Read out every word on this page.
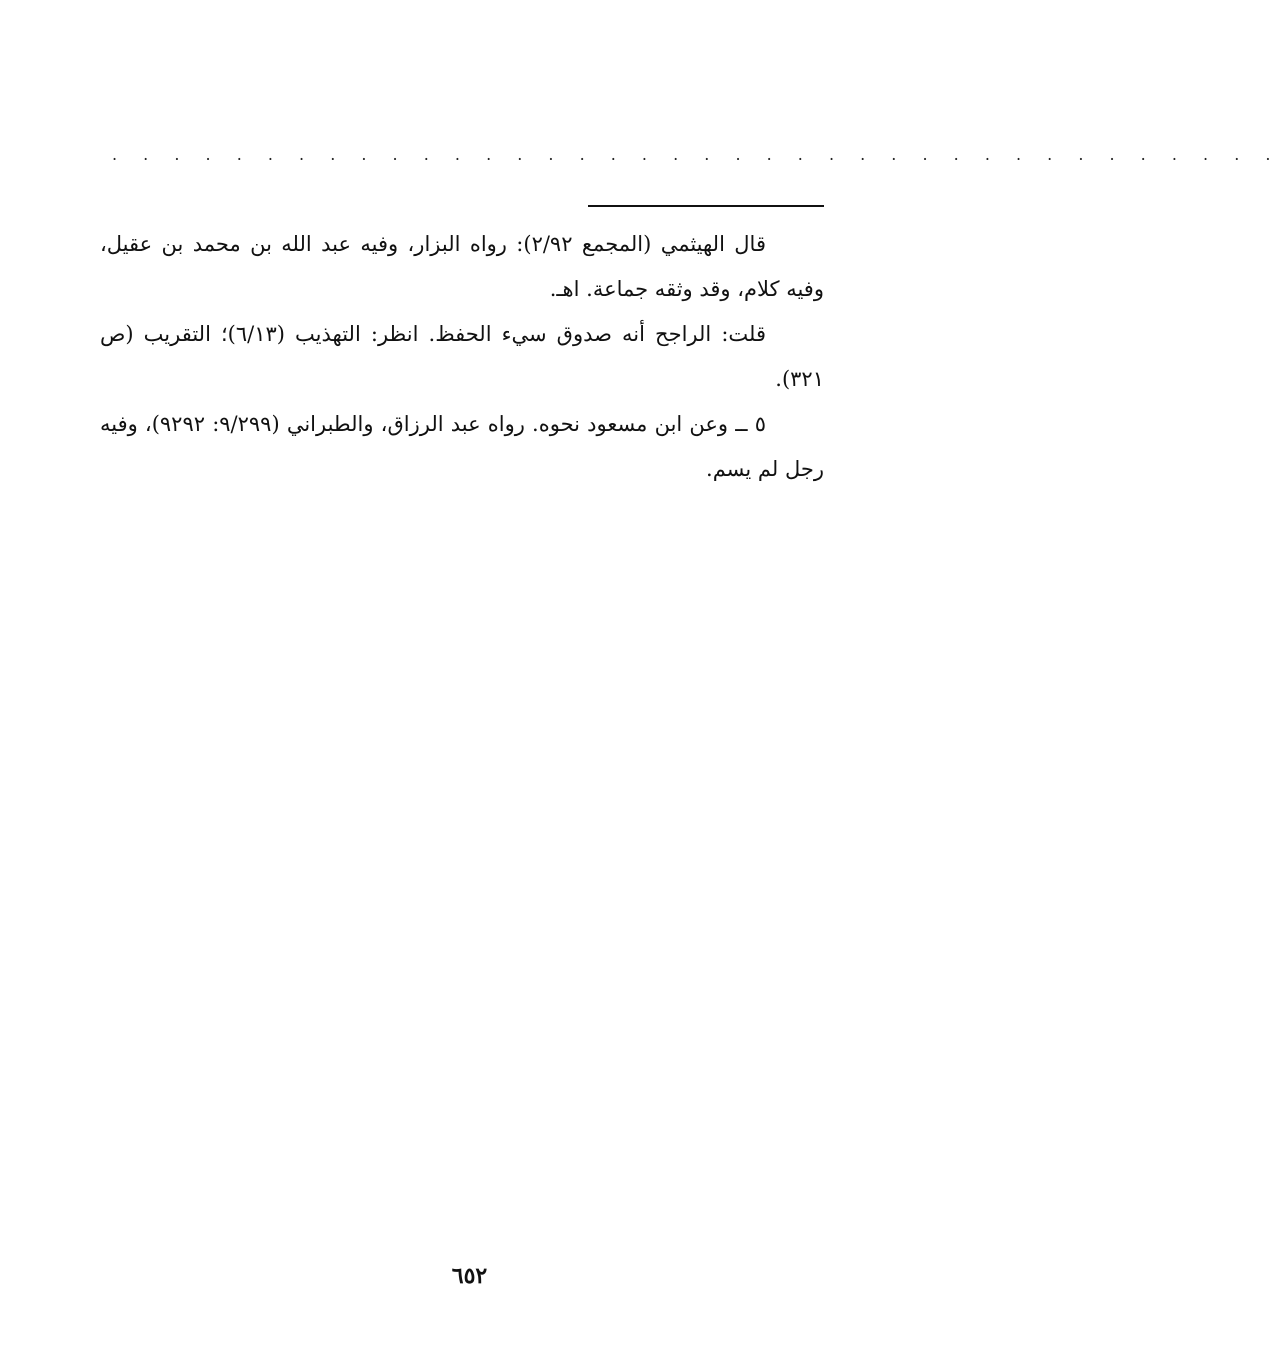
. . . . . . . . . . . . . . . . . . . . . . . . . . . . . . . . . . . . . .

قال الهيثمي (المجمع ٢/٩٢): رواه البزار، وفيه عبد الله بن محمد بن عقيل، وفيه كلام، وقد وثقه جماعة. اهـ.

قلت: الراجح أنه صدوق سيء الحفظ. انظر: التهذيب (٦/١٣)؛ التقريب (ص ٣٢١).

٥ ــ وعن ابن مسعود نحوه. رواه عبد الرزاق، والطبراني (٩/٢٩٩: ٩٢٩٢)، وفيه رجل لم يسم.

٦٥٢
